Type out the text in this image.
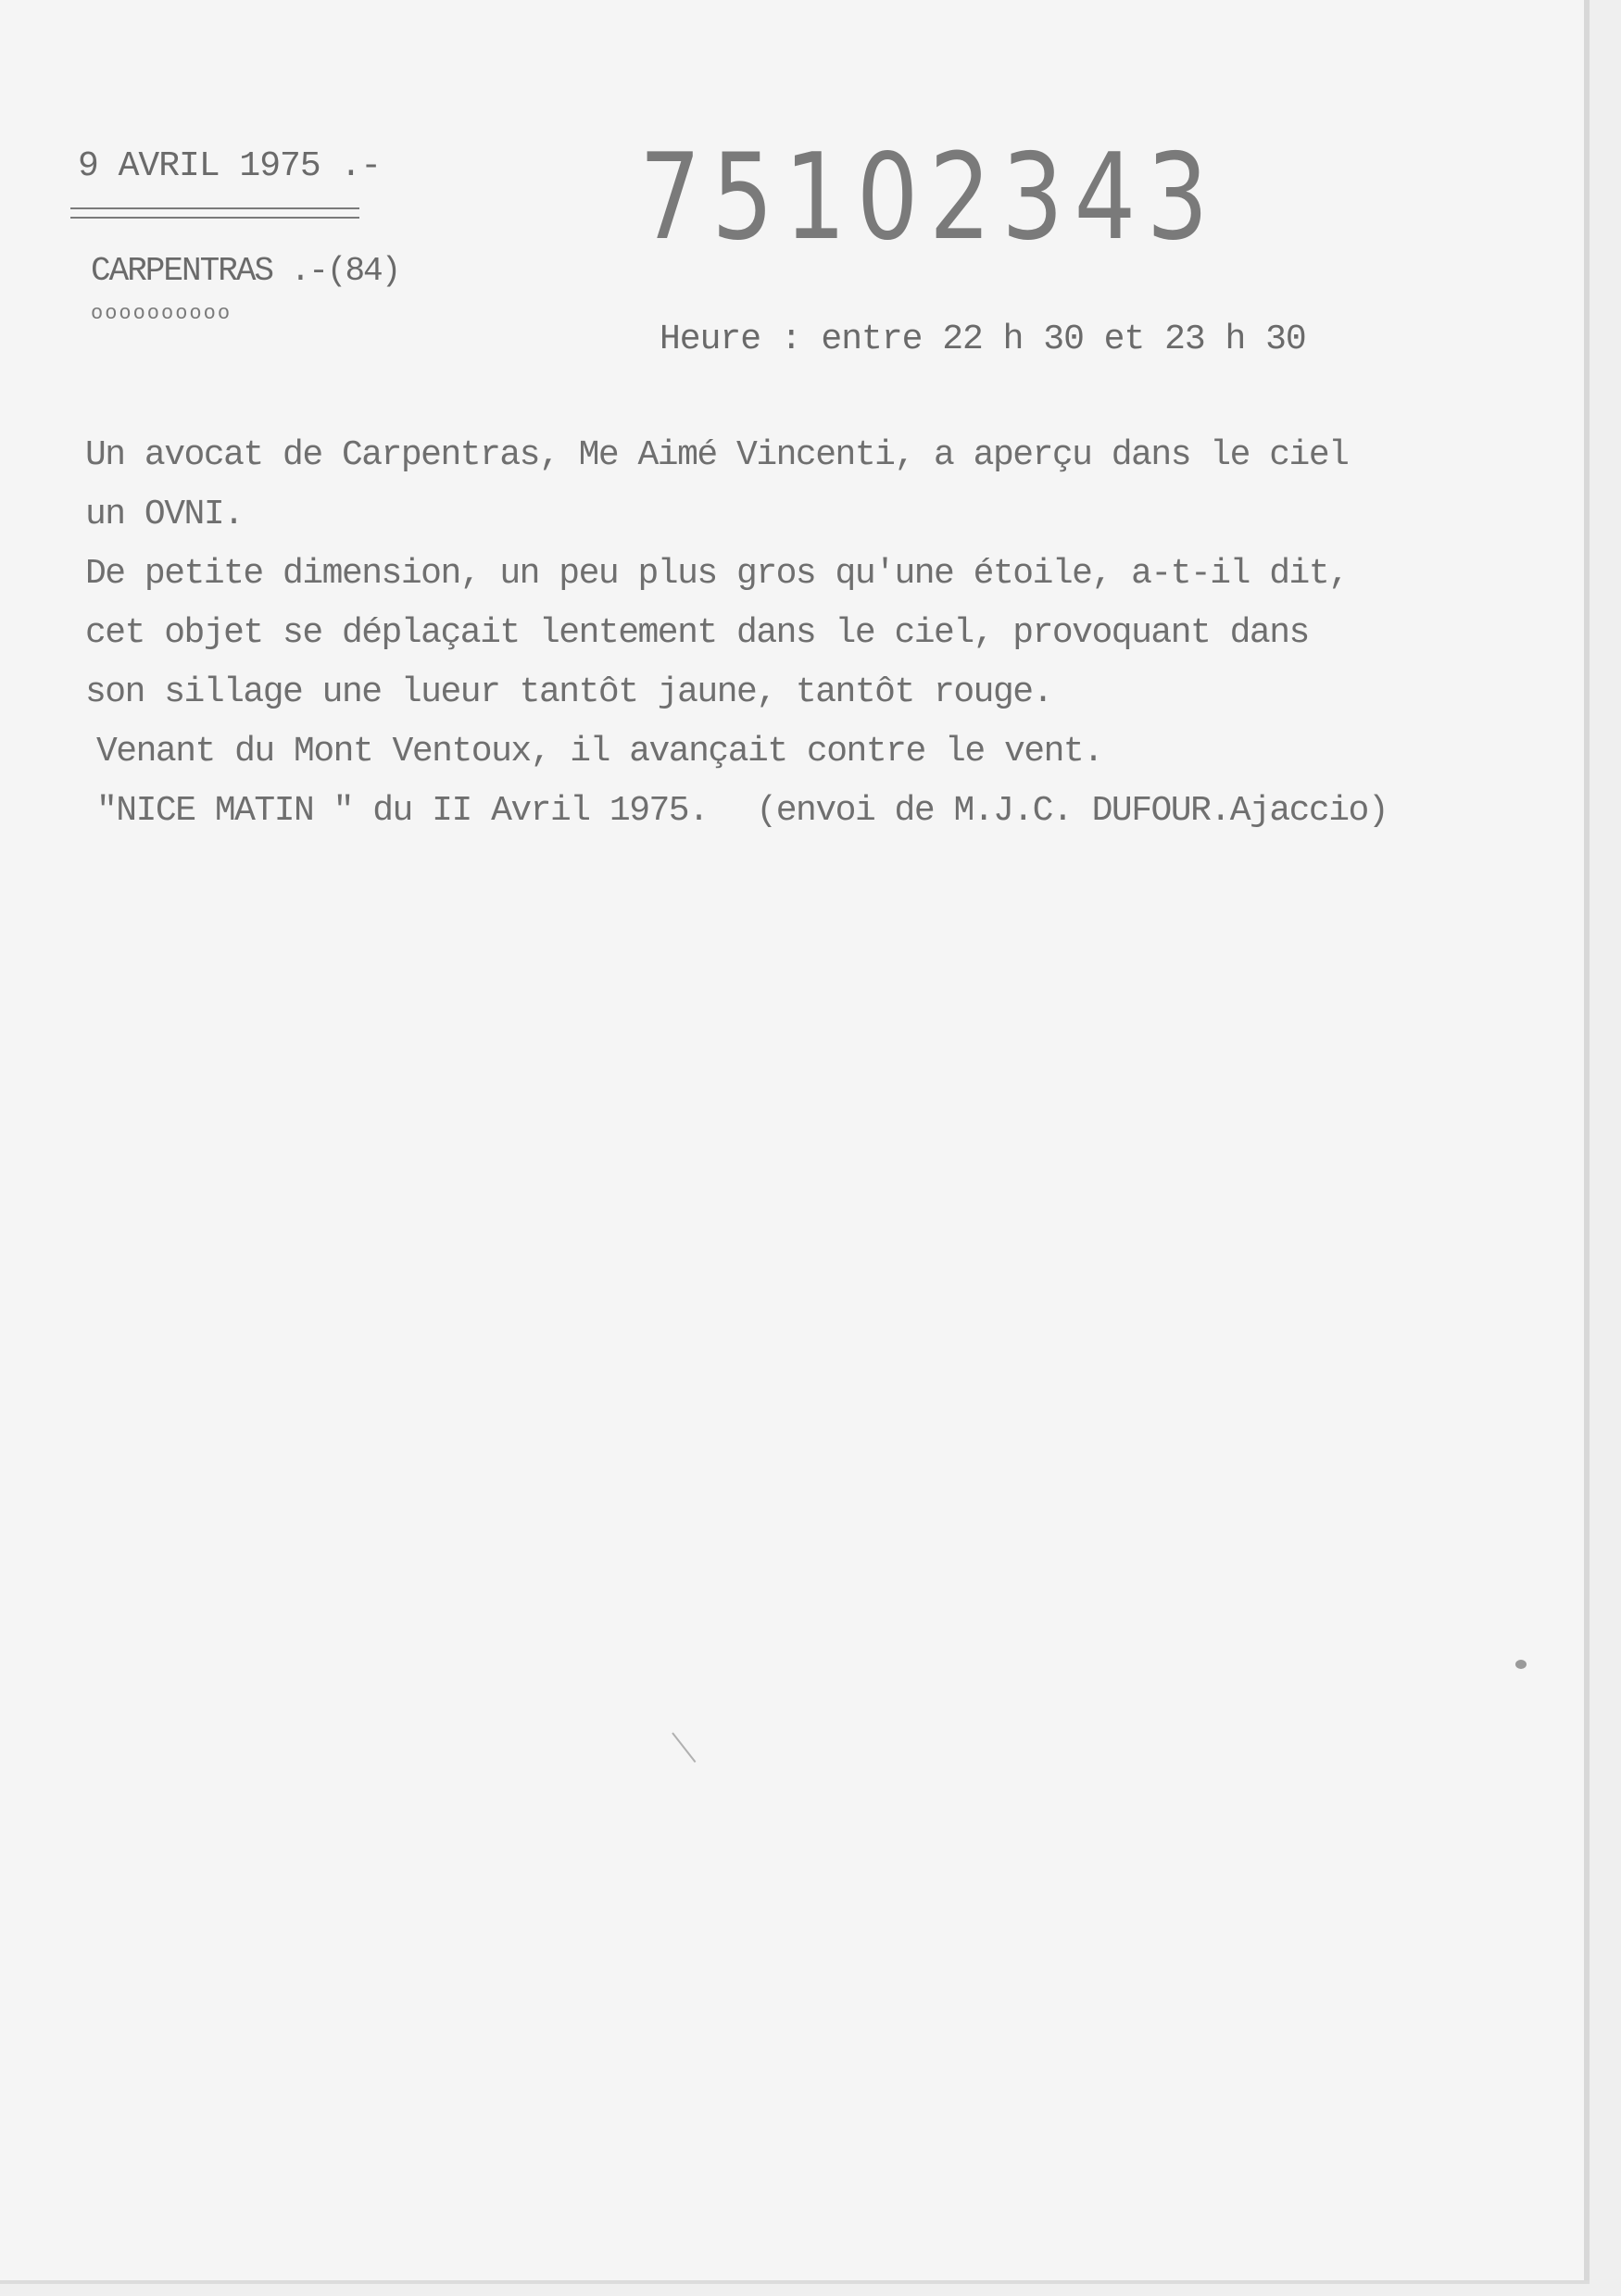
9 AVRIL 1975 .- 75102343
CARPENTRAS .-(84)
oooooooooo
Heure : entre 22 h 30 et 23 h 30
Un avocat de Carpentras, Me Aimé Vincenti, a aperçu dans le ciel
un OVNI.
De petite dimension, un peu plus gros qu'une étoile, a-t-il dit,
cet objet se déplaçait lentement dans le ciel, provoquant dans
son sillage une lueur tantôt jaune, tantôt rouge.
Venant du Mont Ventoux, il avançait contre le vent.
"NICE MATIN " du II Avril 1975. (envoi de M.J.C. DUFOUR.Ajaccio)
